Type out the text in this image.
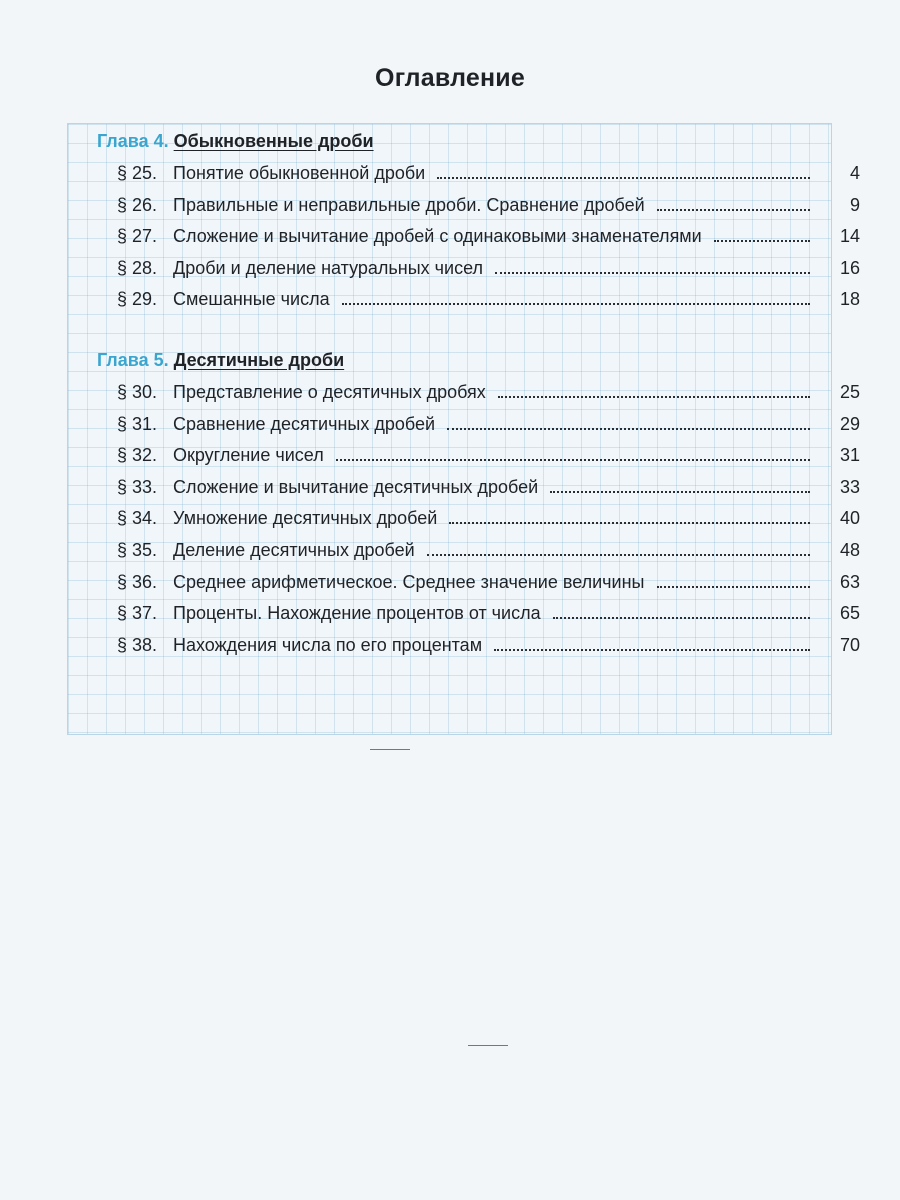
Оглавление
Глава 4. Обыкновенные дроби
§ 25. Понятие обыкновенной дроби	4
§ 26. Правильные и неправильные дроби. Сравнение дробей	9
§ 27. Сложение и вычитание дробей с одинаковыми знаменателями	14
§ 28. Дроби и деление натуральных чисел	16
§ 29. Смешанные числа	18
Глава 5. Десятичные дроби
§ 30. Представление о десятичных дробях	25
§ 31. Сравнение десятичных дробей	29
§ 32. Округление чисел	31
§ 33. Сложение и вычитание десятичных дробей	33
§ 34. Умножение десятичных дробей	40
§ 35. Деление десятичных дробей	48
§ 36. Среднее арифметическое. Среднее значение величины	63
§ 37. Проценты. Нахождение процентов от числа	65
§ 38. Нахождения числа по его процентам	70
